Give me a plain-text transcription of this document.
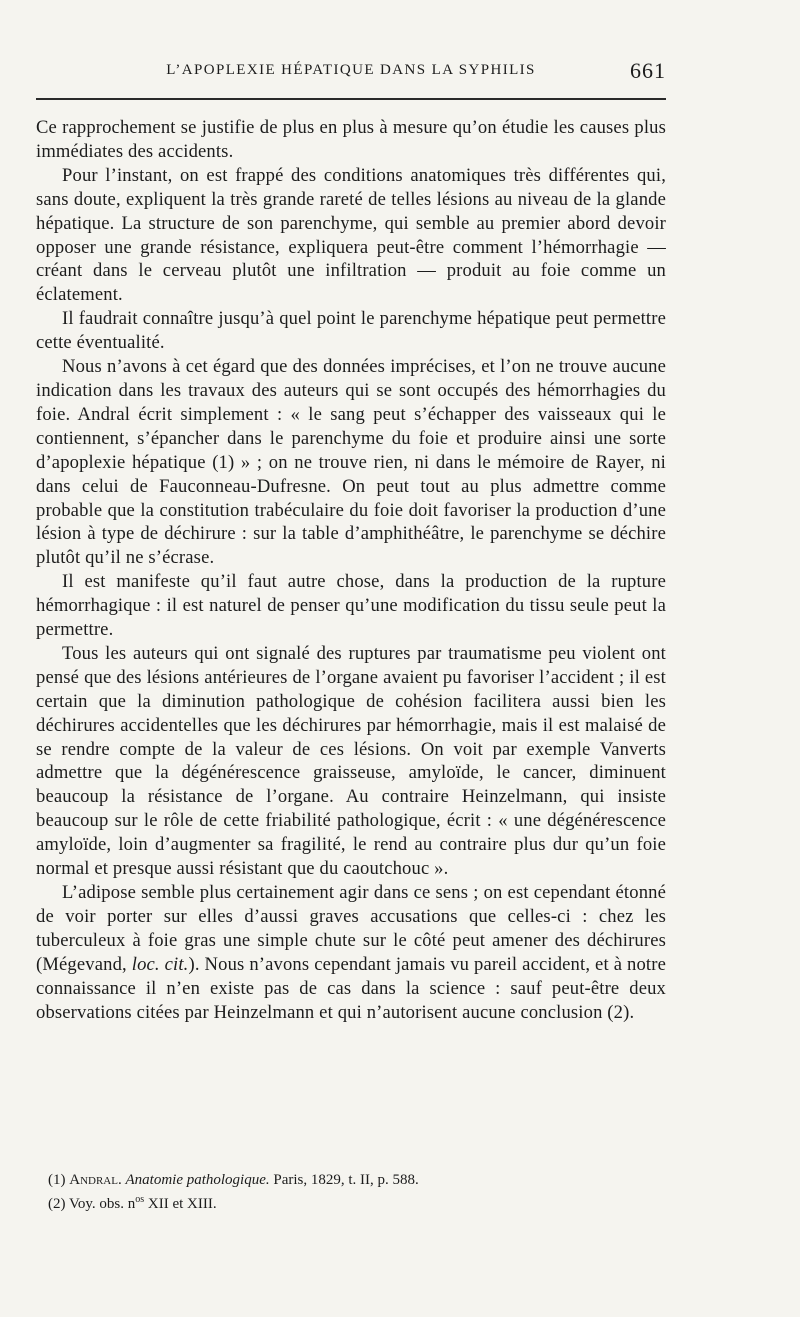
L’APOPLEXIE HÉPATIQUE DANS LA SYPHILIS	661

Ce rapprochement se justifie de plus en plus à mesure qu’on étudie les causes plus immédiates des accidents.

Pour l’instant, on est frappé des conditions anatomiques très différentes qui, sans doute, expliquent la très grande rareté de telles lésions au niveau de la glande hépatique. La structure de son parenchyme, qui semble au premier abord devoir opposer une grande résistance, expliquera peut-être comment l’hémorrhagie — créant dans le cerveau plutôt une infiltration — produit au foie comme un éclatement.

Il faudrait connaître jusqu’à quel point le parenchyme hépatique peut permettre cette éventualité.

Nous n’avons à cet égard que des données imprécises, et l’on ne trouve aucune indication dans les travaux des auteurs qui se sont occupés des hémorrhagies du foie. Andral écrit simplement : « le sang peut s’échapper des vaisseaux qui le contiennent, s’épancher dans le parenchyme du foie et produire ainsi une sorte d’apoplexie hépatique (1) » ; on ne trouve rien, ni dans le mémoire de Rayer, ni dans celui de Fauconneau-Dufresne. On peut tout au plus admettre comme probable que la constitution trabéculaire du foie doit favoriser la production d’une lésion à type de déchirure : sur la table d’amphithéâtre, le parenchyme se déchire plutôt qu’il ne s’écrase.

Il est manifeste qu’il faut autre chose, dans la production de la rupture hémorrhagique : il est naturel de penser qu’une modification du tissu seule peut la permettre.

Tous les auteurs qui ont signalé des ruptures par traumatisme peu violent ont pensé que des lésions antérieures de l’organe avaient pu favoriser l’accident ; il est certain que la diminution pathologique de cohésion facilitera aussi bien les déchirures accidentelles que les déchirures par hémorrhagie, mais il est malaisé de se rendre compte de la valeur de ces lésions. On voit par exemple Vanverts admettre que la dégénérescence graisseuse, amyloïde, le cancer, diminuent beaucoup la résistance de l’organe. Au contraire Heinzelmann, qui insiste beaucoup sur le rôle de cette friabilité pathologique, écrit : « une dégénérescence amyloïde, loin d’augmenter sa fragilité, le rend au contraire plus dur qu’un foie normal et presque aussi résistant que du caoutchouc ».

L’adipose semble plus certainement agir dans ce sens ; on est cependant étonné de voir porter sur elles d’aussi graves accusations que celles-ci : chez les tuberculeux à foie gras une simple chute sur le côté peut amener des déchirures (Mégevand, loc. cit.). Nous n’avons cependant jamais vu pareil accident, et à notre connaissance il n’en existe pas de cas dans la science : sauf peut-être deux observations citées par Heinzelmann et qui n’autorisent aucune conclusion (2).

(1) Andral. Anatomie pathologique. Paris, 1829, t. II, p. 588.
(2) Voy. obs. $n^{os}$ XII et XIII.
